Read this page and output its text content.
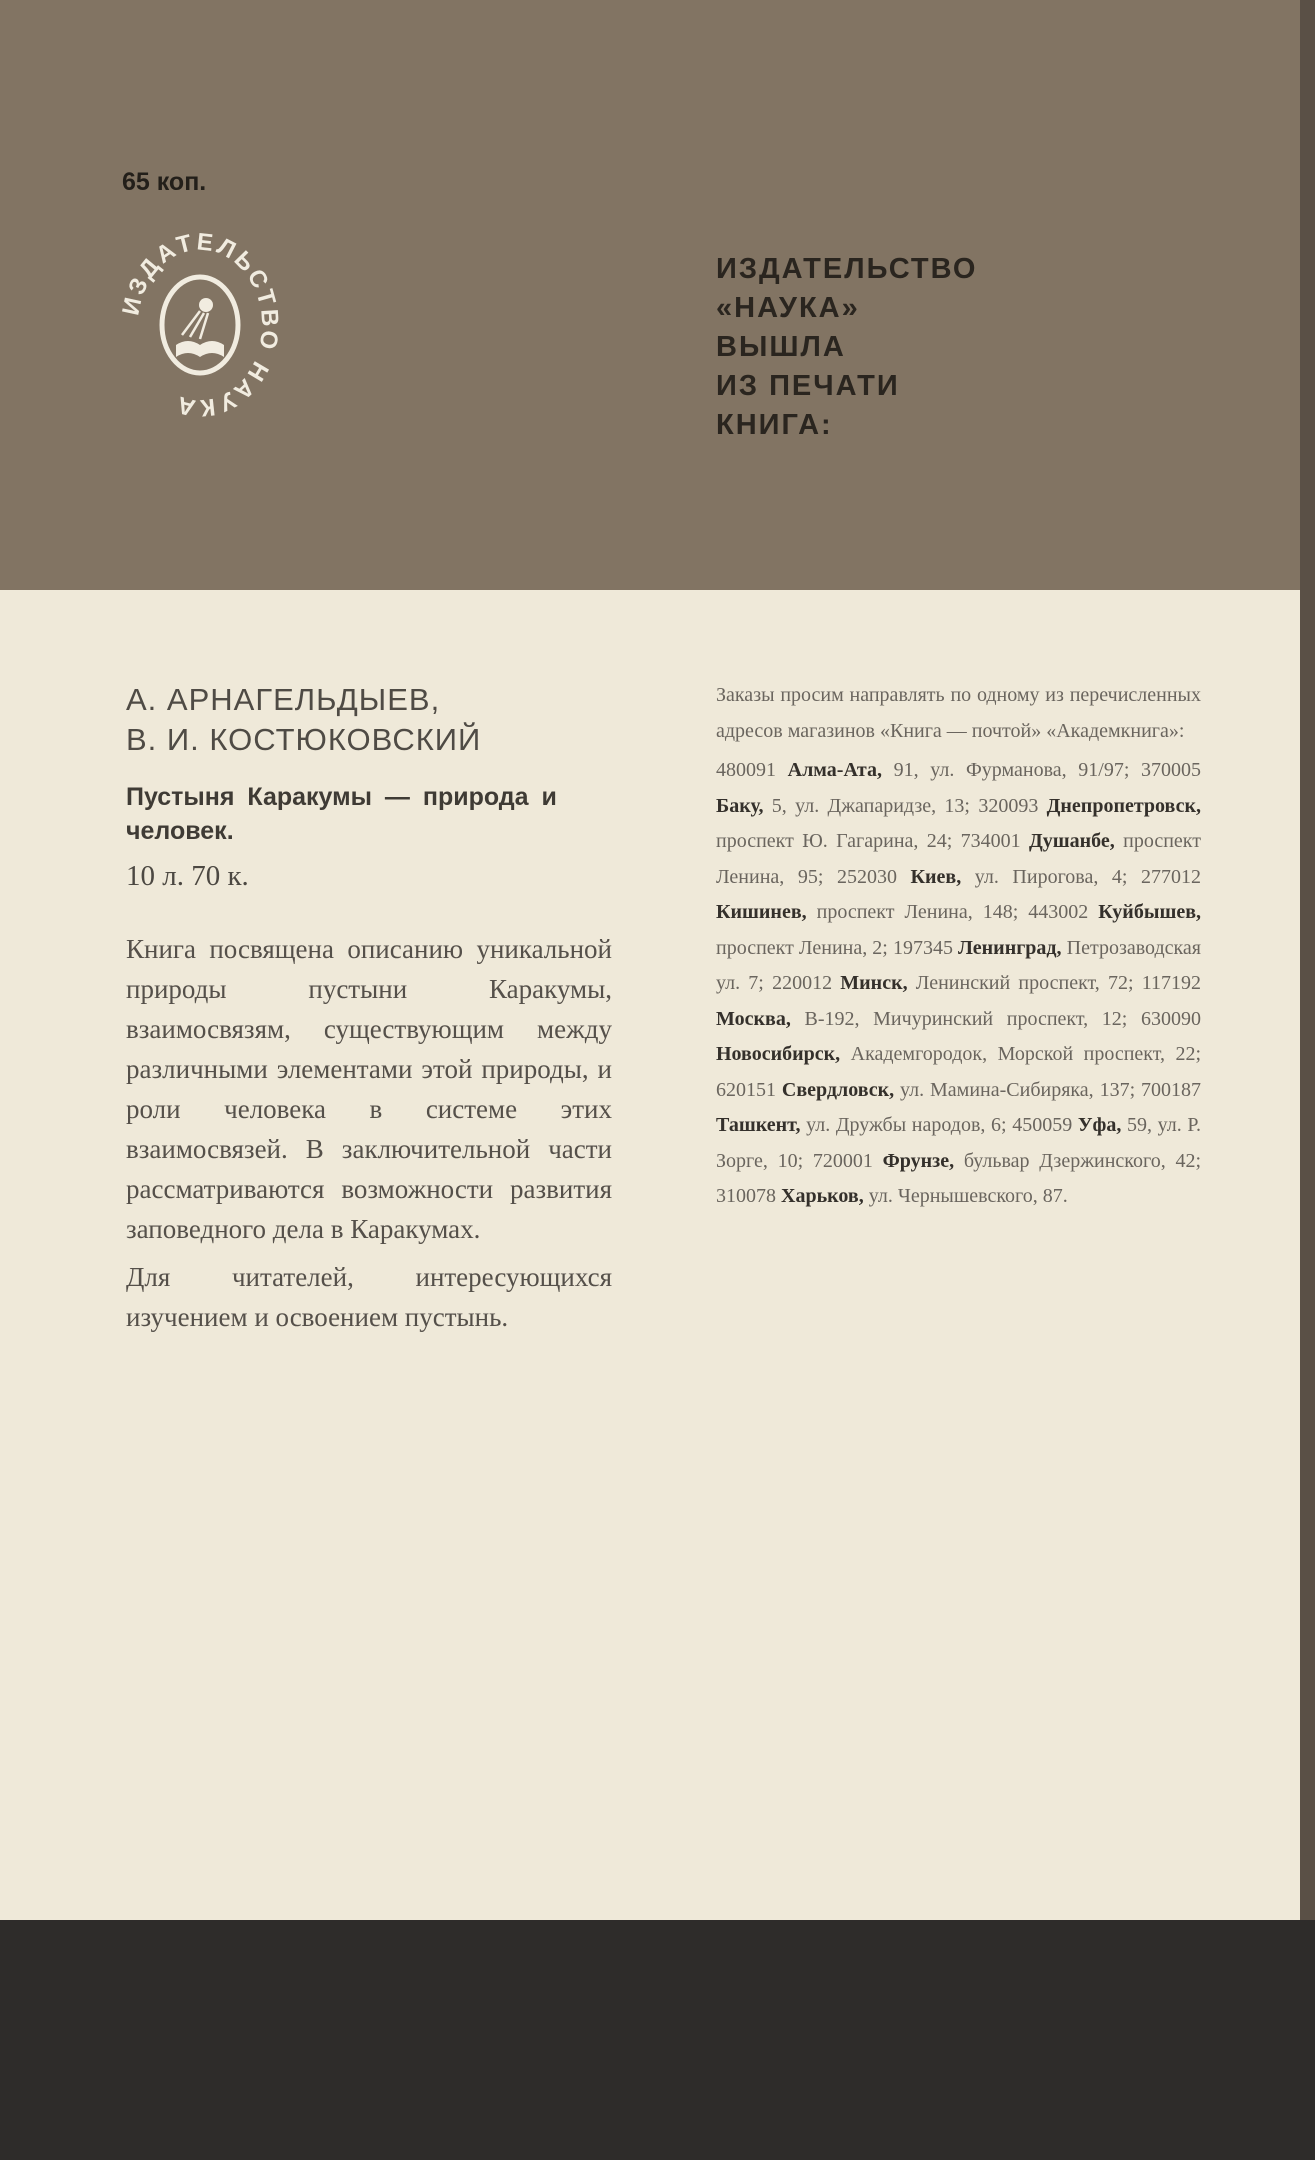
65 коп.
ИЗДАТЕЛЬСТ НАУКА
ИЗДАТЕЛЬСТВО
«НАУКА»
ВЫШЛА
ИЗ ПЕЧАТИ
КНИГА:
А. АРНАГЕЛЬДЫЕВ,
В. И. КОСТЮКОВСКИЙ
Пустыня Каракумы — природа и человек.
10 л. 70 к.

Книга посвящена описанию уникальной природы пустыни Каракумы, взаимосвязям, существующим между различными элементами этой природы, и роли человека в системе этих взаимосвязей. В заключительной части рассматриваются возможности развития заповедного дела в Каракумах.

Для читателей, интересующихся изучением и освоением пустынь.

Заказы просим направлять по одному из перечисленных адресов магазинов «Книга — почтой» «Академкнига»:

480091 Алма-Ата, 91, ул. Фурманова, 91/97; 370005 Баку, 5, ул. Джапаридзе, 13; 320093 Днепропетровск, проспект Ю. Гагарина, 24; 734001 Душанбе, проспект Ленина, 95; 252030 Киев, ул. Пирогова, 4; 277012 Кишинев, проспект Ленина, 148; 443002 Куйбышев, проспект Ленина, 2; 197345 Ленинград, Петрозаводская ул. 7; 220012 Минск, Ленинский проспект, 72; 117192 Москва, В-192, Мичуринский проспект, 12; 630090 Новосибирск, Академгородок, Морской проспект, 22; 620151 Свердловск, ул. Мамина-Сибиряка, 137; 700187 Ташкент, ул. Дружбы народов, 6; 450059 Уфа, 59, ул. Р. Зорге, 10; 720001 Фрунзе, бульвар Дзержинского, 42; 310078 Харьков, ул. Чернышевского, 87.
